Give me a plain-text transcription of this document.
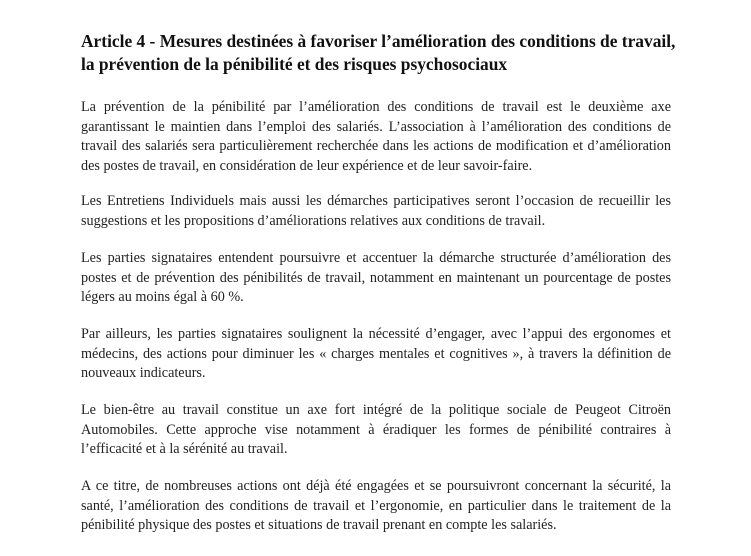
Article 4 - Mesures destinées à favoriser l’amélioration des conditions de travail,
la prévention de la pénibilité et des risques psychosociaux

La prévention de la pénibilité par l’amélioration des conditions de travail est le deuxième axe
garantissant le maintien dans l’emploi des salariés. L’association à l’amélioration des conditions de
travail des salariés sera particulièrement recherchée dans les actions de modification et d’amélioration
des postes de travail, en considération de leur expérience et de leur savoir-faire.

Les Entretiens Individuels mais aussi les démarches participatives seront l’occasion de recueillir les
suggestions et les propositions d’améliorations relatives aux conditions de travail.

Les parties signataires entendent poursuivre et accentuer la démarche structurée d’amélioration des
postes et de prévention des pénibilités de travail, notamment en maintenant un pourcentage de postes
légers au moins égal à 60 %.

Par ailleurs, les parties signataires soulignent la nécessité d’engager, avec l’appui des ergonomes et
médecins, des actions pour diminuer les « charges mentales et cognitives », à travers la définition de
nouveaux indicateurs.

Le bien-être au travail constitue un axe fort intégré de la politique sociale de Peugeot Citroën
Automobiles. Cette approche vise notamment à éradiquer les formes de pénibilité contraires à
l’efficacité et à la sérénité au travail.

A ce titre, de nombreuses actions ont déjà été engagées et se poursuivront concernant la sécurité, la
santé, l’amélioration des conditions de travail et l’ergonomie, en particulier dans le traitement de la
pénibilité physique des postes et situations de travail prenant en compte les salariés.
